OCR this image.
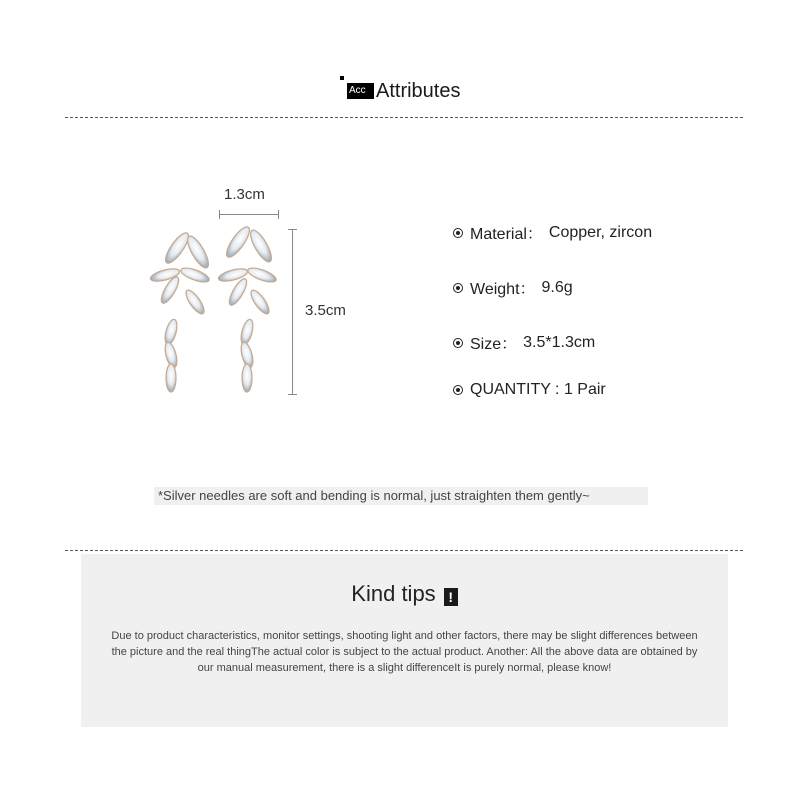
Acc Attributes
1.3cm
3.5cm
Material： Copper, zircon
Weight： 9.6g
Size： 3.5*1.3cm
QUANTITY : 1 Pair
*Silver needles are soft and bending is normal, just straighten them gently~
Kind tips !
Due to product characteristics, monitor settings, shooting light and other factors, there may be slight differences between the picture and the real thingThe actual color is subject to the actual product. Another: All the above data are obtained by our manual measurement, there is a slight differenceIt is purely normal, please know!
